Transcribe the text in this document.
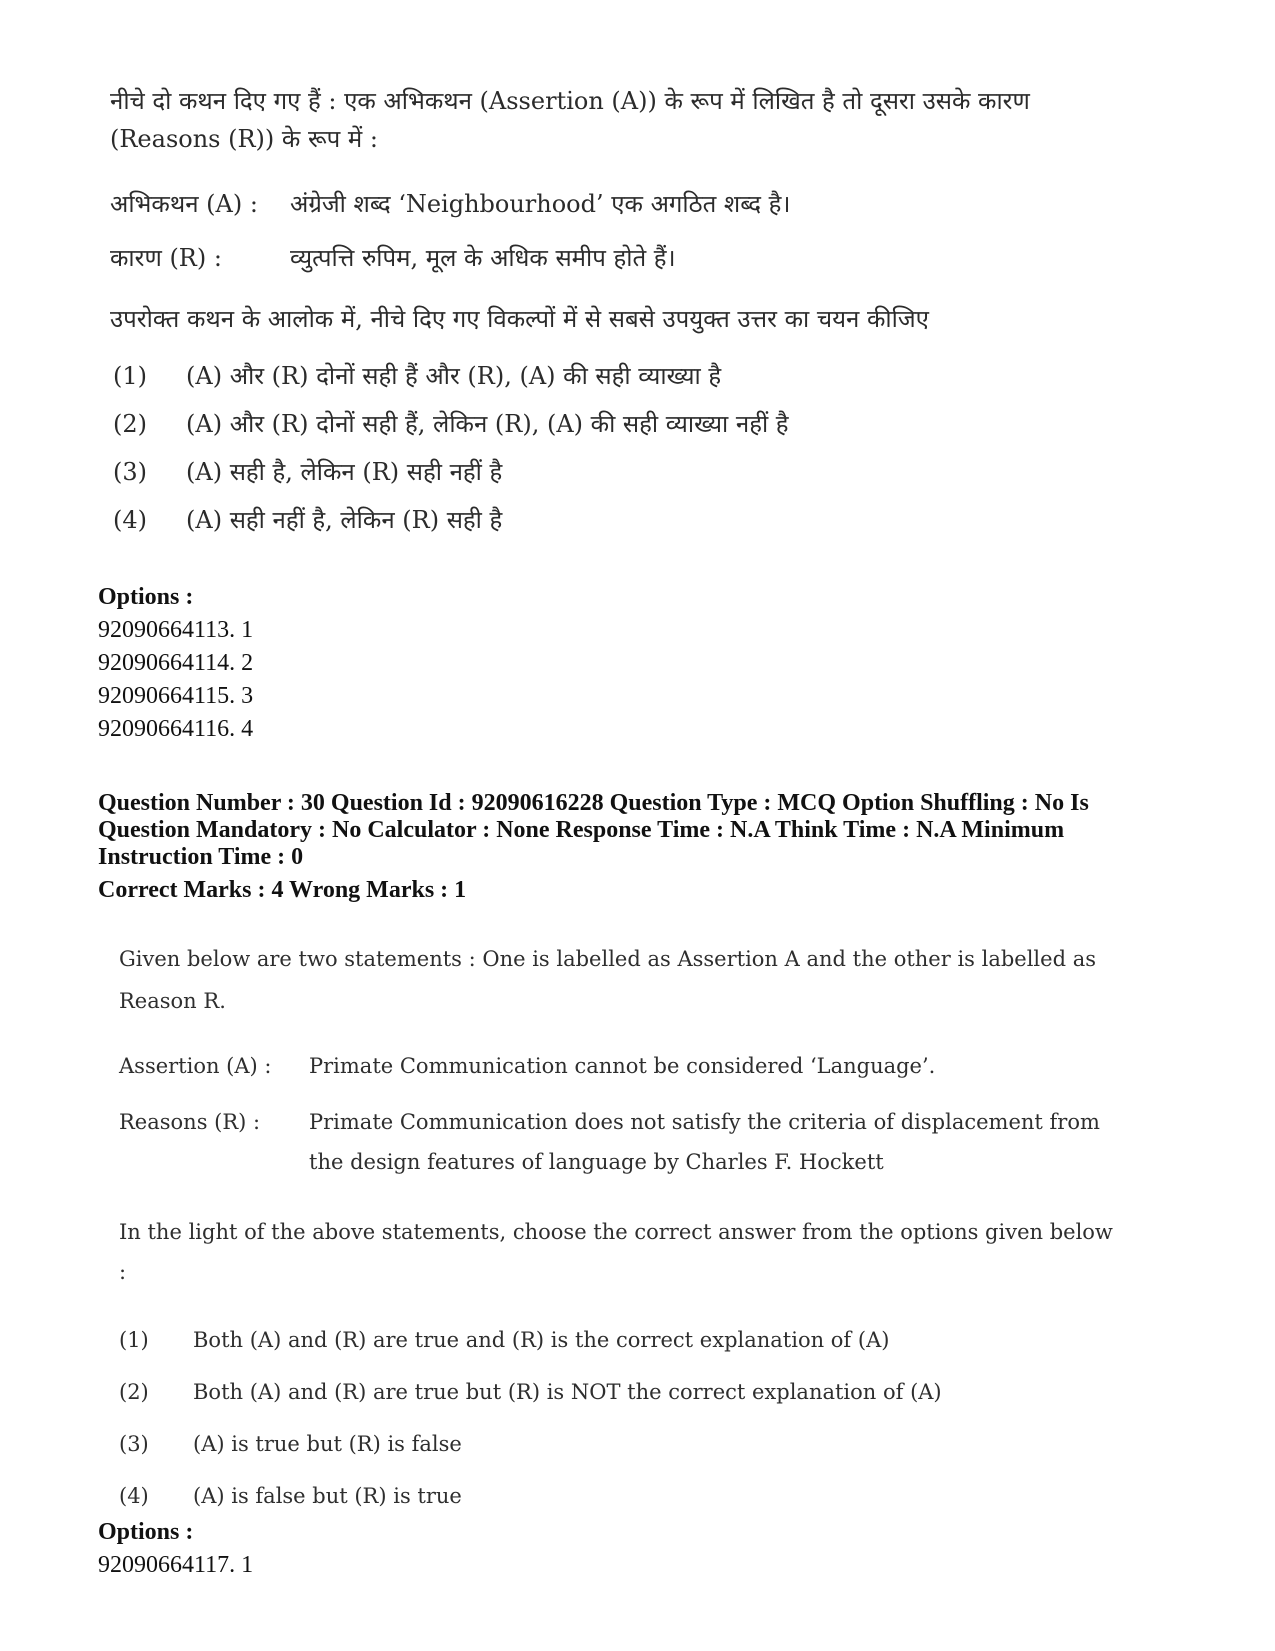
नीचे दो कथन दिए गए हैं : एक अभिकथन (Assertion (A)) के रूप में लिखित है तो दूसरा उसके कारण (Reasons (R)) के रूप में :

अभिकथन (A) :	अंग्रेजी शब्द ‘Neighbourhood’ एक अगठित शब्द है।
कारण (R) :	व्युत्पत्ति रुपिम, मूल के अधिक समीप होते हैं।
उपरोक्त कथन के आलोक में, नीचे दिए गए विकल्पों में से सबसे उपयुक्त उत्तर का चयन कीजिए
(1)	(A) और (R) दोनों सही हैं और (R), (A) की सही व्याख्या है
(2)	(A) और (R) दोनों सही हैं, लेकिन (R), (A) की सही व्याख्या नहीं है
(3)	(A) सही है, लेकिन (R) सही नहीं है
(4)	(A) सही नहीं है, लेकिन (R) सही है
Options :
92090664113. 1
92090664114. 2
92090664115. 3
92090664116. 4
Question Number : 30 Question Id : 92090616228 Question Type : MCQ Option Shuffling : No Is
Question Mandatory : No Calculator : None Response Time : N.A Think Time : N.A Minimum
Instruction Time : 0
Correct Marks : 4 Wrong Marks : 1

Given below are two statements : One is labelled as Assertion A and the other is labelled as
Reason R.

Assertion (A) :	Primate Communication cannot be considered ‘Language’.
Reasons (R) :	Primate Communication does not satisfy the criteria of displacement from
the design features of language by Charles F. Hockett
In the light of the above statements, choose the correct answer from the options given below :
(1)	Both (A) and (R) are true and (R) is the correct explanation of (A)
(2)	Both (A) and (R) are true but (R) is NOT the correct explanation of (A)
(3)	(A) is true but (R) is false
(4)	(A) is false but (R) is true
Options :
92090664117. 1
